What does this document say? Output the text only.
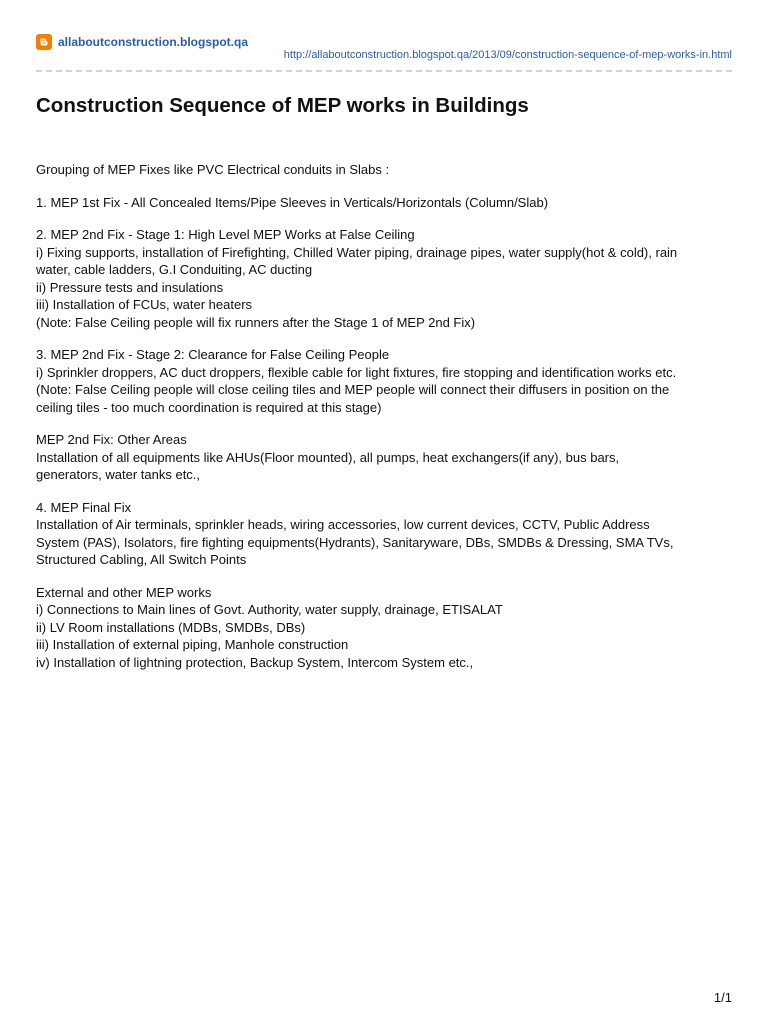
allaboutconstruction.blogspot.qa
http://allaboutconstruction.blogspot.qa/2013/09/construction-sequence-of-mep-works-in.html
Construction Sequence of MEP works in Buildings

Grouping of MEP Fixes like PVC Electrical conduits in Slabs :

1. MEP 1st Fix - All Concealed Items/Pipe Sleeves in Verticals/Horizontals (Column/Slab)

2. MEP 2nd Fix - Stage 1: High Level MEP Works at False Ceiling
i) Fixing supports, installation of Firefighting, Chilled Water piping, drainage pipes, water supply(hot & cold), rain
water, cable ladders, G.I Conduiting, AC ducting
ii) Pressure tests and insulations
iii) Installation of FCUs, water heaters
(Note: False Ceiling people will fix runners after the Stage 1 of MEP 2nd Fix)

3. MEP 2nd Fix - Stage 2: Clearance for False Ceiling People
i) Sprinkler droppers, AC duct droppers, flexible cable for light fixtures, fire stopping and identification works etc.
(Note: False Ceiling people will close ceiling tiles and MEP people will connect their diffusers in position on the
ceiling tiles - too much coordination is required at this stage)

MEP 2nd Fix: Other Areas
Installation of all equipments like AHUs(Floor mounted), all pumps, heat exchangers(if any), bus bars,
generators, water tanks etc.,

4. MEP Final Fix
Installation of Air terminals, sprinkler heads, wiring accessories, low current devices, CCTV, Public Address
System (PAS), Isolators, fire fighting equipments(Hydrants), Sanitaryware, DBs, SMDBs & Dressing, SMA TVs,
Structured Cabling, All Switch Points

External and other MEP works
i) Connections to Main lines of Govt. Authority, water supply, drainage, ETISALAT
ii) LV Room installations (MDBs, SMDBs, DBs)
iii) Installation of external piping, Manhole construction
iv) Installation of lightning protection, Backup System, Intercom System etc.,

1/1
